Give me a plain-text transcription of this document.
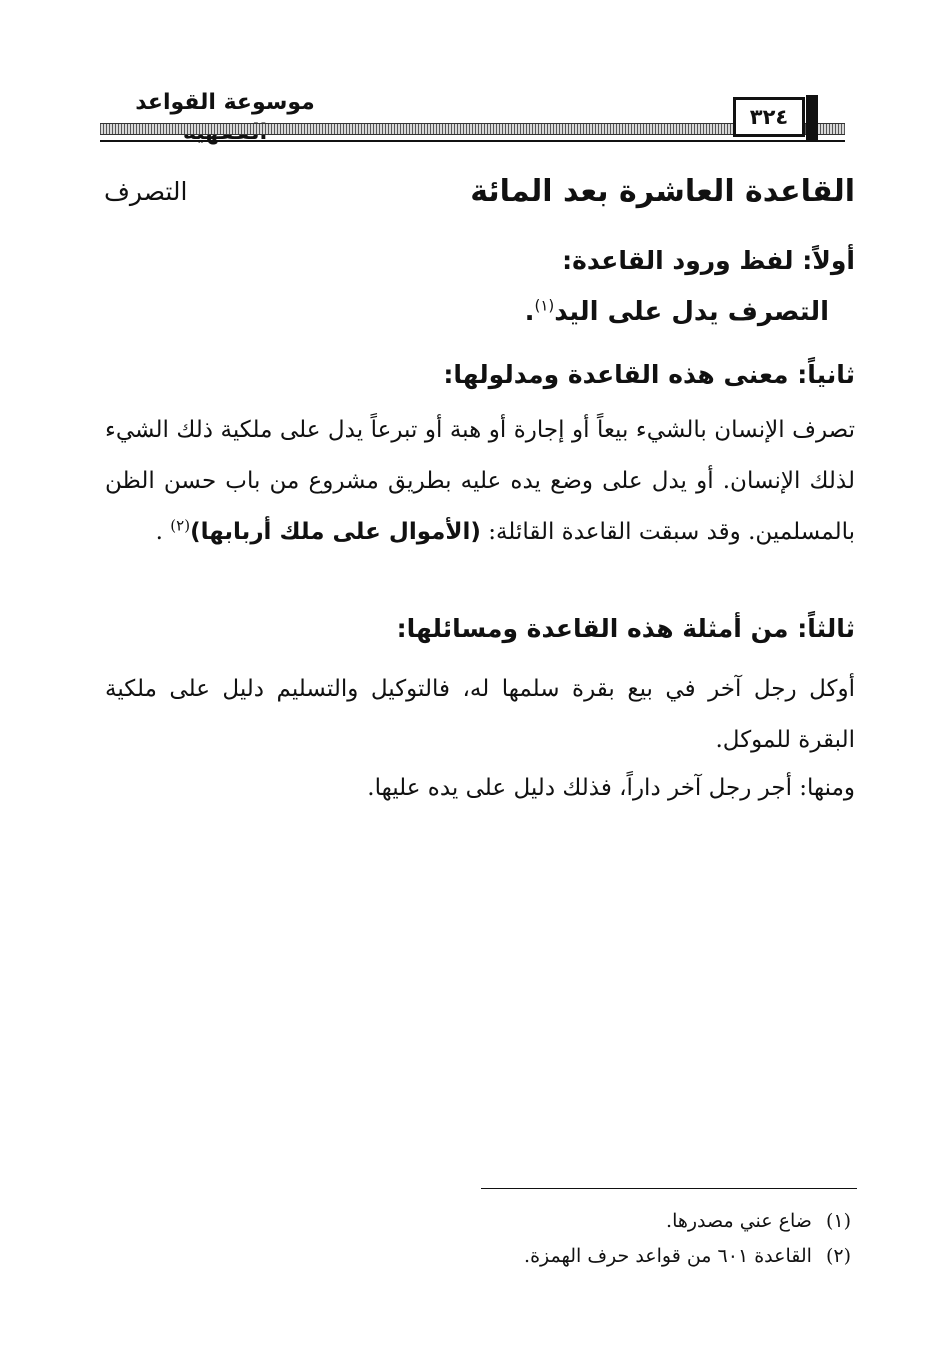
موسوعة القواعد
٣٢٤
القاعدة العاشرة بعد المائة
التصرف
أولاً: لفظ ورود القاعدة:
التصرف يدل على اليد$^{(١)}$.
ثانياً: معنى هذه القاعدة ومدلولها:
تصرف الإنسان بالشيء بيعاً أو إجارة أو هبة أو تبرعاً يدل على ملكية ذلك الشيء لذلك الإنسان. أو يدل على وضع يده عليه بطريق مشروع من باب حسن الظن بالمسلمين. وقد سبقت القاعدة القائلة: (الأموال على ملك أربابها)$^{(٢)}$ .
ثالثاً: من أمثلة هذه القاعدة ومسائلها:
أوكل رجل آخر في بيع بقرة سلمها له، فالتوكيل والتسليم دليل على ملكية البقرة للموكل.
ومنها: أجر رجل آخر داراً، فذلك دليل على يده عليها.
(١)ضاع عني مصدرها.
(٢)القاعدة ٦٠١ من قواعد حرف الهمزة.
